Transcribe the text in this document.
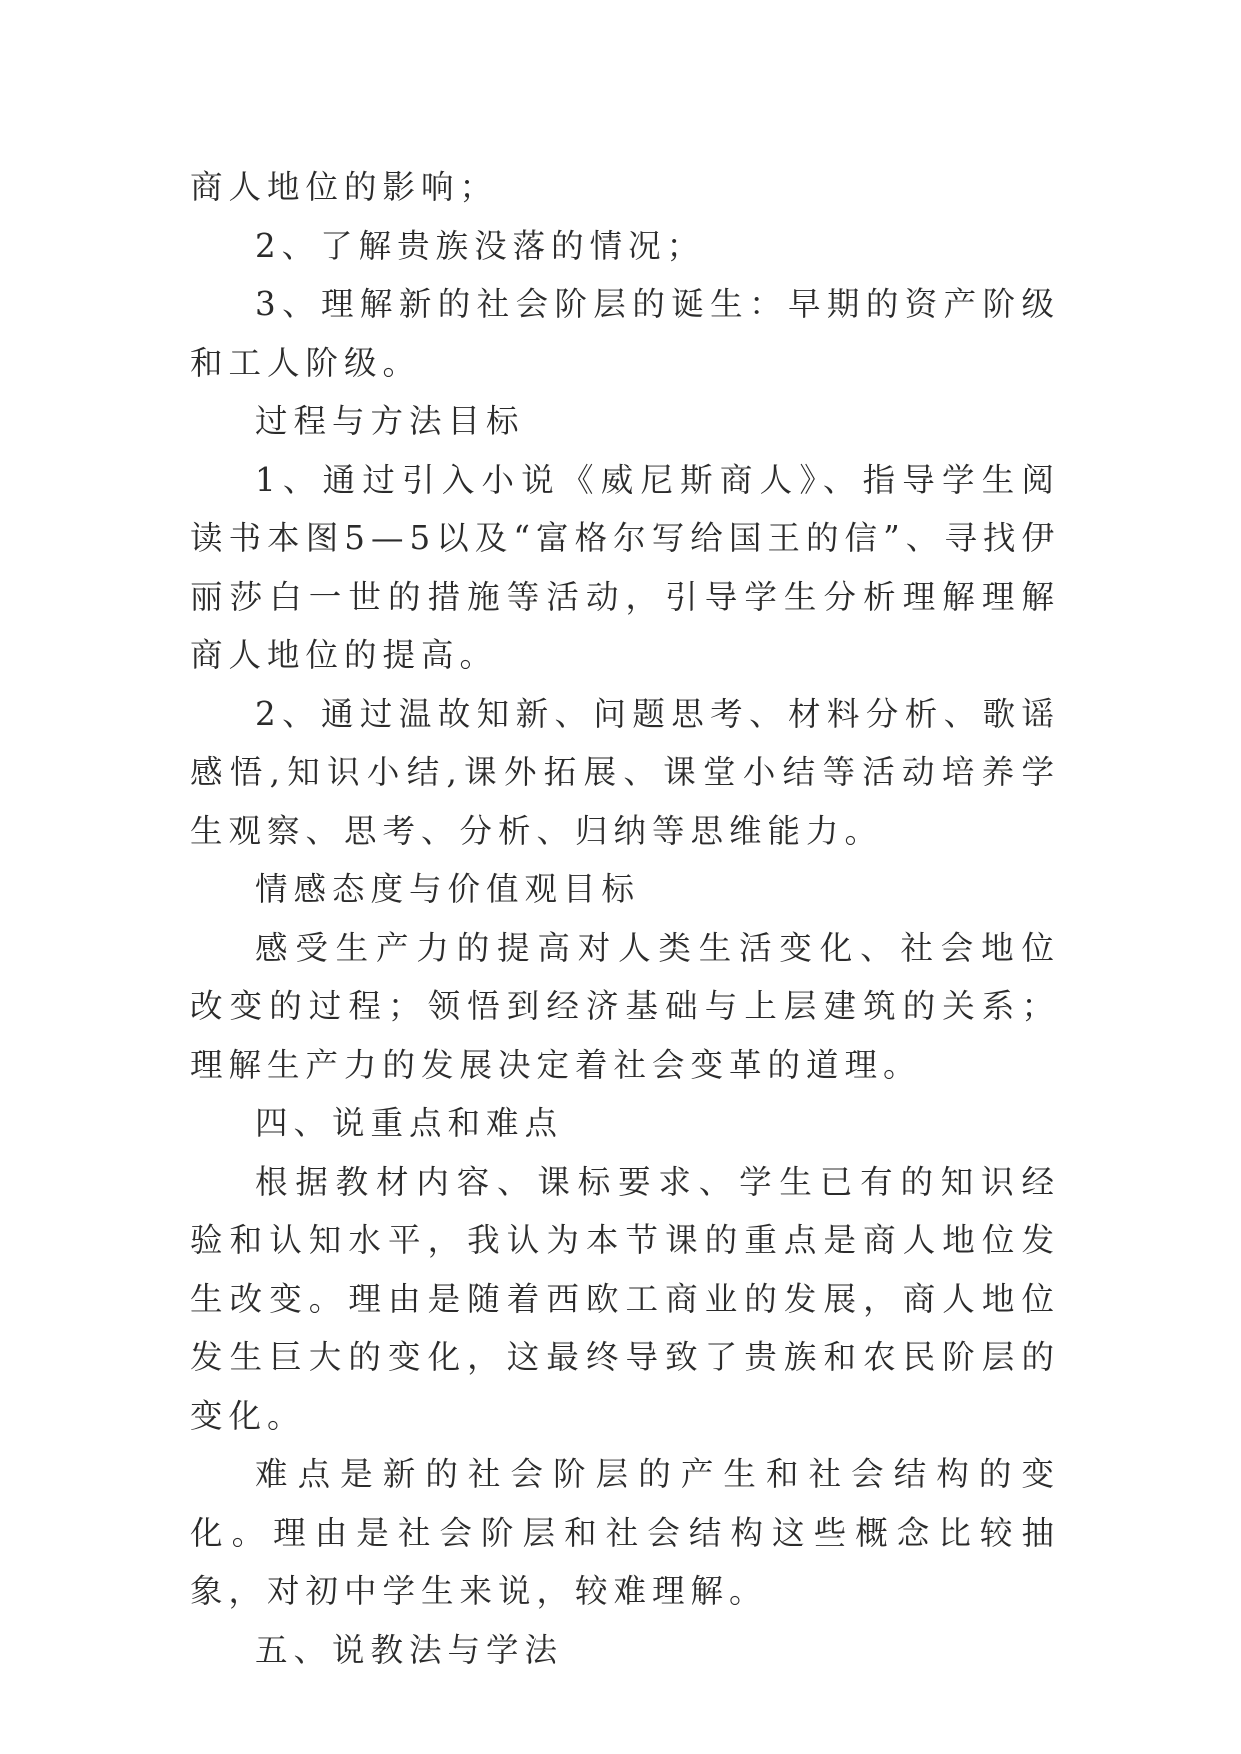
商人地位的影响；

2、了解贵族没落的情况；

3、理解新的社会阶层的诞生：早期的资产阶级和工人阶级。

过程与方法目标

1、通过引入小说《威尼斯商人》、指导学生阅读书本图5—5以及“富格尔写给国王的信”、寻找伊丽莎白一世的措施等活动，引导学生分析理解理解商人地位的提高。

2、通过温故知新、问题思考、材料分析、歌谣感悟,知识小结,课外拓展、课堂小结等活动培养学生观察、思考、分析、归纳等思维能力。

情感态度与价值观目标

感受生产力的提高对人类生活变化、社会地位改变的过程；领悟到经济基础与上层建筑的关系；理解生产力的发展决定着社会变革的道理。

四、说重点和难点

根据教材内容、课标要求、学生已有的知识经验和认知水平，我认为本节课的重点是商人地位发生改变。理由是随着西欧工商业的发展，商人地位发生巨大的变化，这最终导致了贵族和农民阶层的变化。

难点是新的社会阶层的产生和社会结构的变化。理由是社会阶层和社会结构这些概念比较抽象，对初中学生来说，较难理解。

五、说教法与学法
